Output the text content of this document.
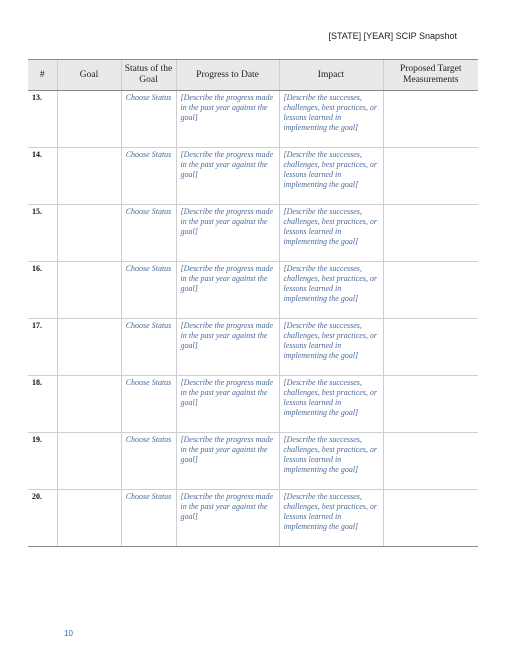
[STATE] [YEAR] SCIP Snapshot
#	Goal	Status of the Goal	Progress to Date	Impact	Proposed Target Measurements
13.		Choose Status	[Describe the progress made in the past year against the goal]	[Describe the successes, challenges, best practices, or lessons learned in implementing the goal]	
14.		Choose Status	[Describe the progress made in the past year against the goal]	[Describe the successes, challenges, best practices, or lessons learned in implementing the goal]	
15.		Choose Status	[Describe the progress made in the past year against the goal]	[Describe the successes, challenges, best practices, or lessons learned in implementing the goal]	
16.		Choose Status	[Describe the progress made in the past year against the goal]	[Describe the successes, challenges, best practices, or lessons learned in implementing the goal]	
17.		Choose Status	[Describe the progress made in the past year against the goal]	[Describe the successes, challenges, best practices, or lessons learned in implementing the goal]	
18.		Choose Status	[Describe the progress made in the past year against the goal]	[Describe the successes, challenges, best practices, or lessons learned in implementing the goal]	
19.		Choose Status	[Describe the progress made in the past year against the goal]	[Describe the successes, challenges, best practices, or lessons learned in implementing the goal]	
20.		Choose Status	[Describe the progress made in the past year against the goal]	[Describe the successes, challenges, best practices, or lessons learned in implementing the goal]	
10
